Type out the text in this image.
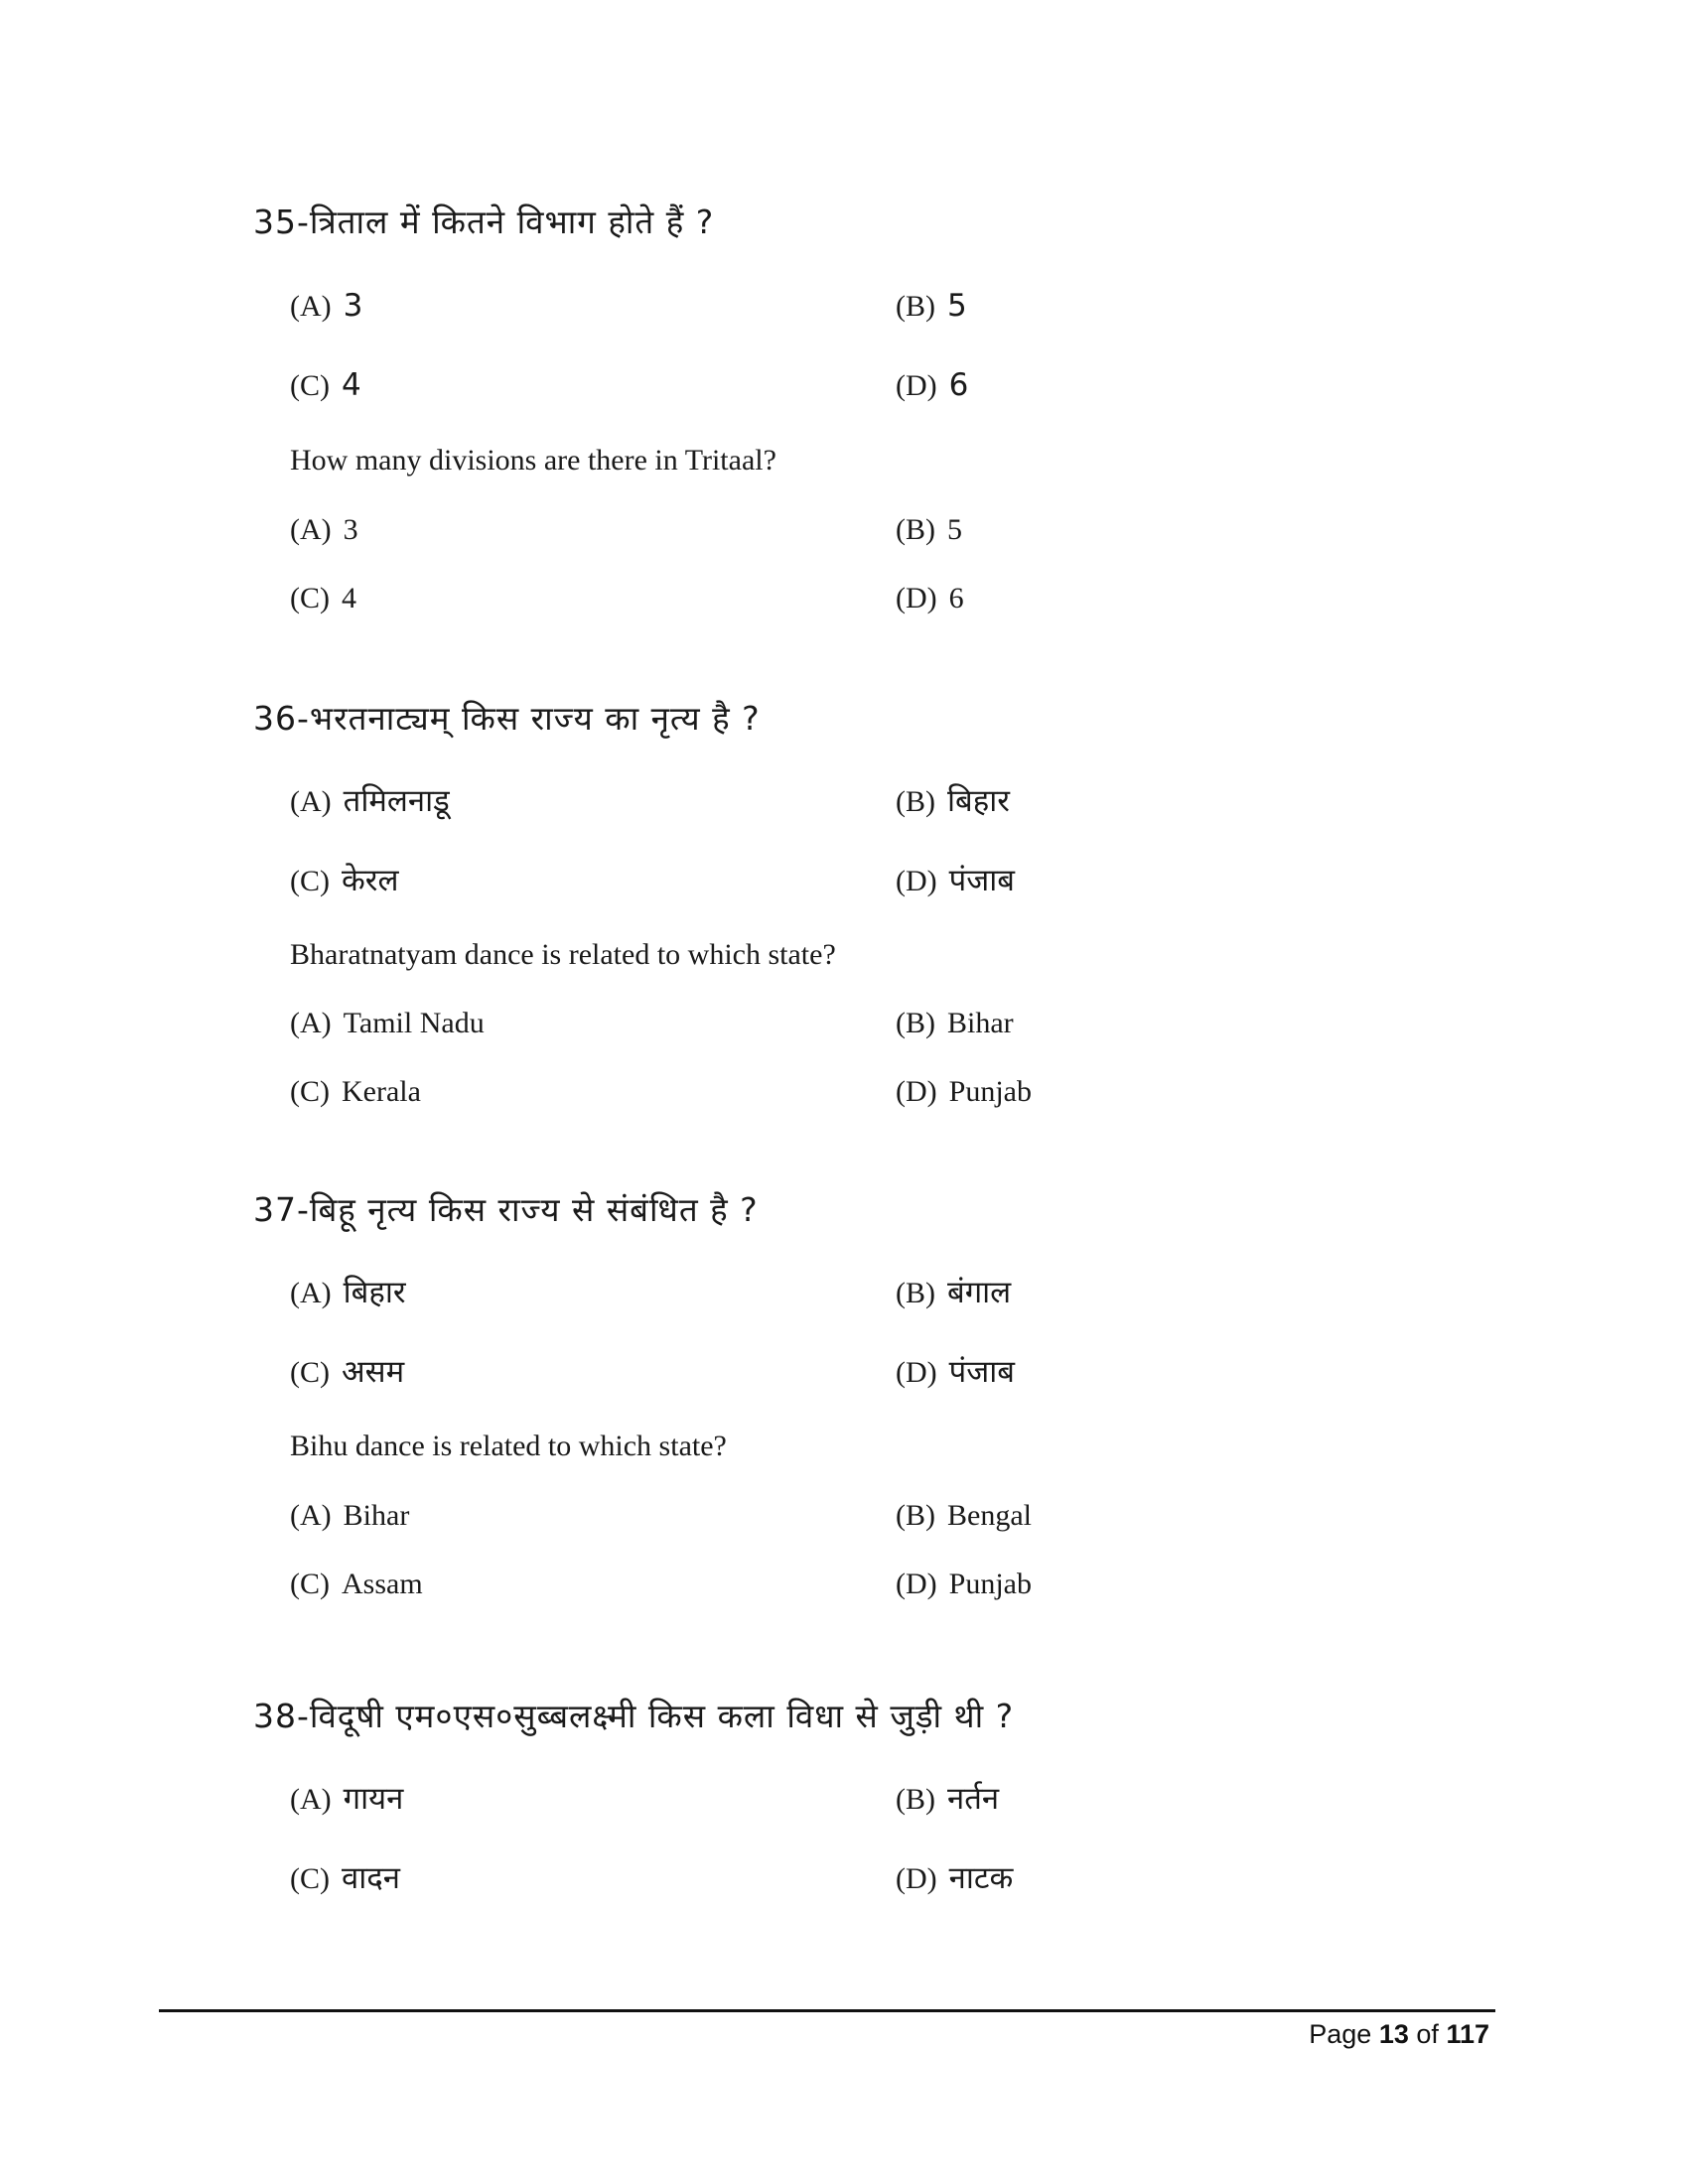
35-त्रिताल में कितने विभाग होते हैं ?
(A) 3	(B) 5
(C) 4	(D) 6
How many divisions are there in Tritaal?
(A) 3	(B) 5
(C) 4	(D) 6
36-भरतनाट्यम् किस राज्य का नृत्य है ?
(A) तमिलनाडू	(B) बिहार
(C) केरल	(D) पंजाब
Bharatnatyam dance is related to which state?
(A) Tamil Nadu	(B) Bihar
(C) Kerala	(D) Punjab
37-बिहू नृत्य किस राज्य से संबंधित है ?
(A) बिहार	(B) बंगाल
(C) असम	(D) पंजाब
Bihu dance is related to which state?
(A) Bihar	(B) Bengal
(C) Assam	(D) Punjab
38-विदूषी एम०एस०सुब्बलक्ष्मी किस कला विधा से जुड़ी थी ?
(A) गायन	(B) नर्तन
(C) वादन	(D) नाटक
Page 13 of 117
